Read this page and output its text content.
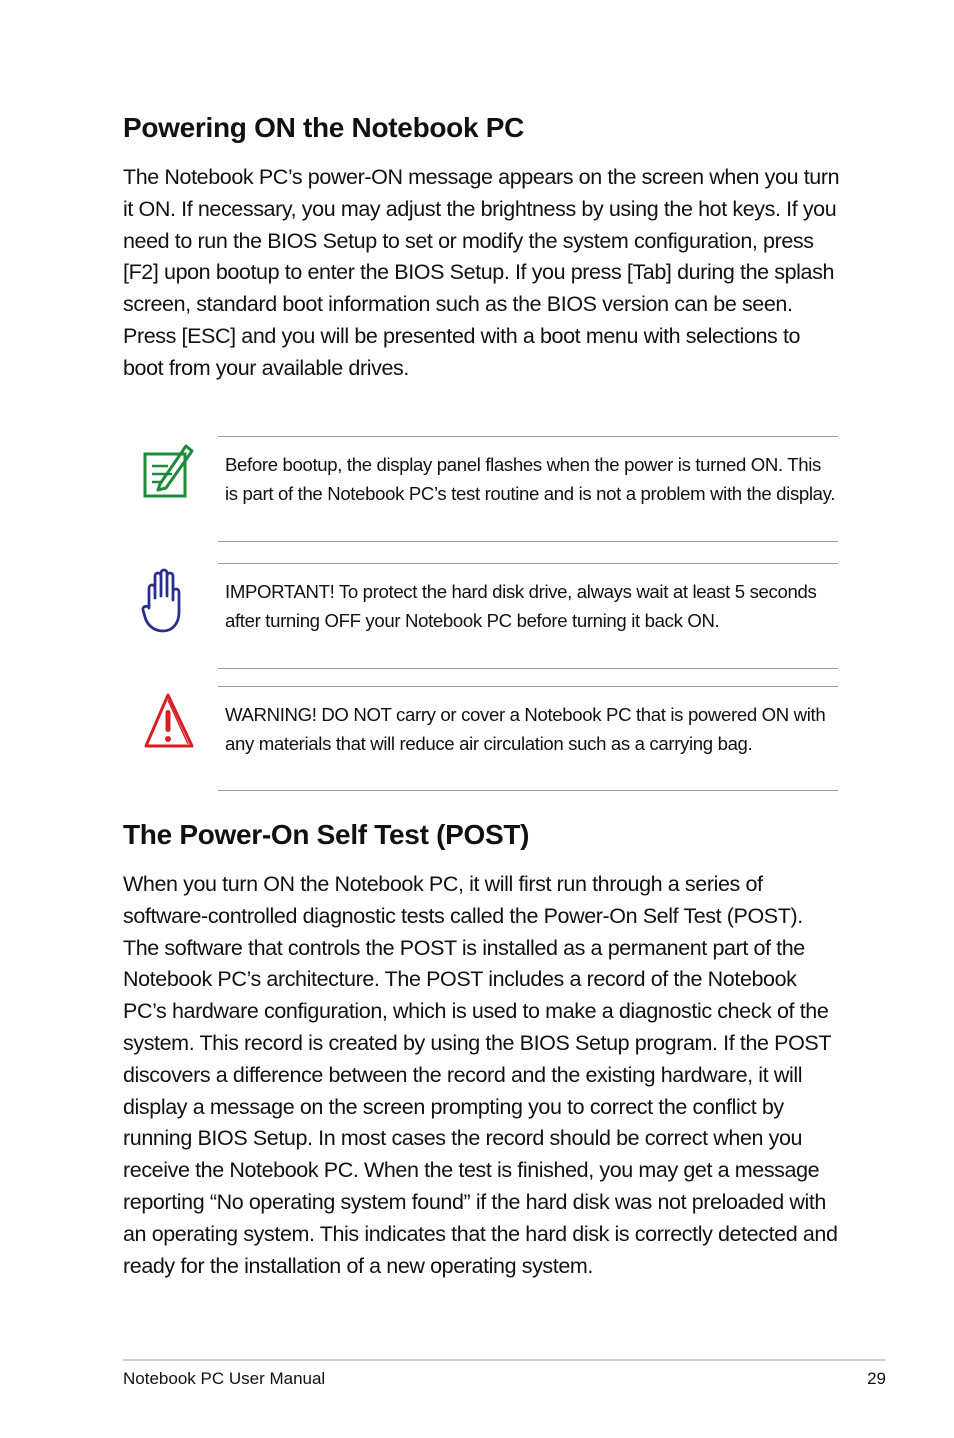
Powering ON the Notebook PC

The Notebook PC’s power-ON message appears on the screen when you turn it ON. If necessary, you may adjust the brightness by using the hot keys. If you need to run the BIOS Setup to set or modify the system configuration, press [F2] upon bootup to enter the BIOS Setup. If you press [Tab] during the splash screen, standard boot information such as the BIOS version can be seen. Press [ESC] and you will be presented with a boot menu with selections to boot from your available drives.

Before bootup, the display panel flashes when the power is turned ON. This is part of the Notebook PC’s test routine and is not a problem with the display.

IMPORTANT! To protect the hard disk drive, always wait at least 5 seconds after turning OFF your Notebook PC before turning it back ON.

WARNING! DO NOT carry or cover a Notebook PC that is powered ON with any materials that will reduce air circulation such as a carrying bag.

The Power-On Self Test (POST)

When you turn ON the Notebook PC, it will first run through a series of software-controlled diagnostic tests called the Power-On Self Test (POST). The software that controls the POST is installed as a permanent part of the Notebook PC’s architecture. The POST includes a record of the Notebook PC’s hardware configuration, which is used to make a diagnostic check of the system. This record is created by using the BIOS Setup program. If the POST discovers a difference between the record and the existing hardware, it will display a message on the screen prompting you to correct the conflict by running BIOS Setup. In most cases the record should be correct when you receive the Notebook PC. When the test is finished, you may get a message reporting “No operating system found” if the hard disk was not preloaded with an operating system. This indicates that the hard disk is correctly detected and ready for the installation of a new operating system.

Notebook PC User Manual	29
